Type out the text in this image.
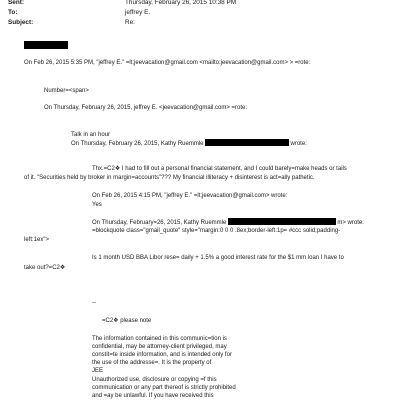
Sent:	Thursday, February 26, 2015 10:38 PM
To:	jeffrey E.
Subject:	Re:
On Feb 26, 2015 5:35 PM, "jeffrey E." =lt;jeevacation@gmail.com <mailto:jeevacation@gmail.com> > =rote:
Number=<span>
On Thursday, February 26, 2015, jeffrey E. <jeevacation@gmail.com> =rote:
Talk in an hour
On Thursday, February 26, 2015, Kathy Ruemmle	wrote:
Thx.=C2❖ I had to fill out a personal financial statement, and I could barely=make heads or tails
of it. "Securities held by broker in margin=accounts"??? My financial illiteracy + disinterest is act=ally pathetic.
On Feb 26, 2015 4:15 PM, "jeffrey E." =lt;jeevacation@gmail.com> wrote:
Yes
On Thursday, February=26, 2015, Kathy Ruemmle	m> wrote:
=blockquote class="gmail_quote" style="margin:0 0 0 .8ex;border-left:1p= #ccc solid;padding-
left:1ex">
Is 1 month USD BBA Libor rese= daily + 1.5% a good interest rate for the $1 mm loan I have to
take out?=C2❖
--
=C2❖ please note
The information contained in this communic=tion is
confidential, may be attorney-client privileged, may
constit=te inside information, and is intended only for
the use of the addresse=. It is the property of
JEE
Unauthorized use, disclosure or copying =f this
communication or any part thereof is strictly prohibited
and =ay be unlawful. If you have received this
